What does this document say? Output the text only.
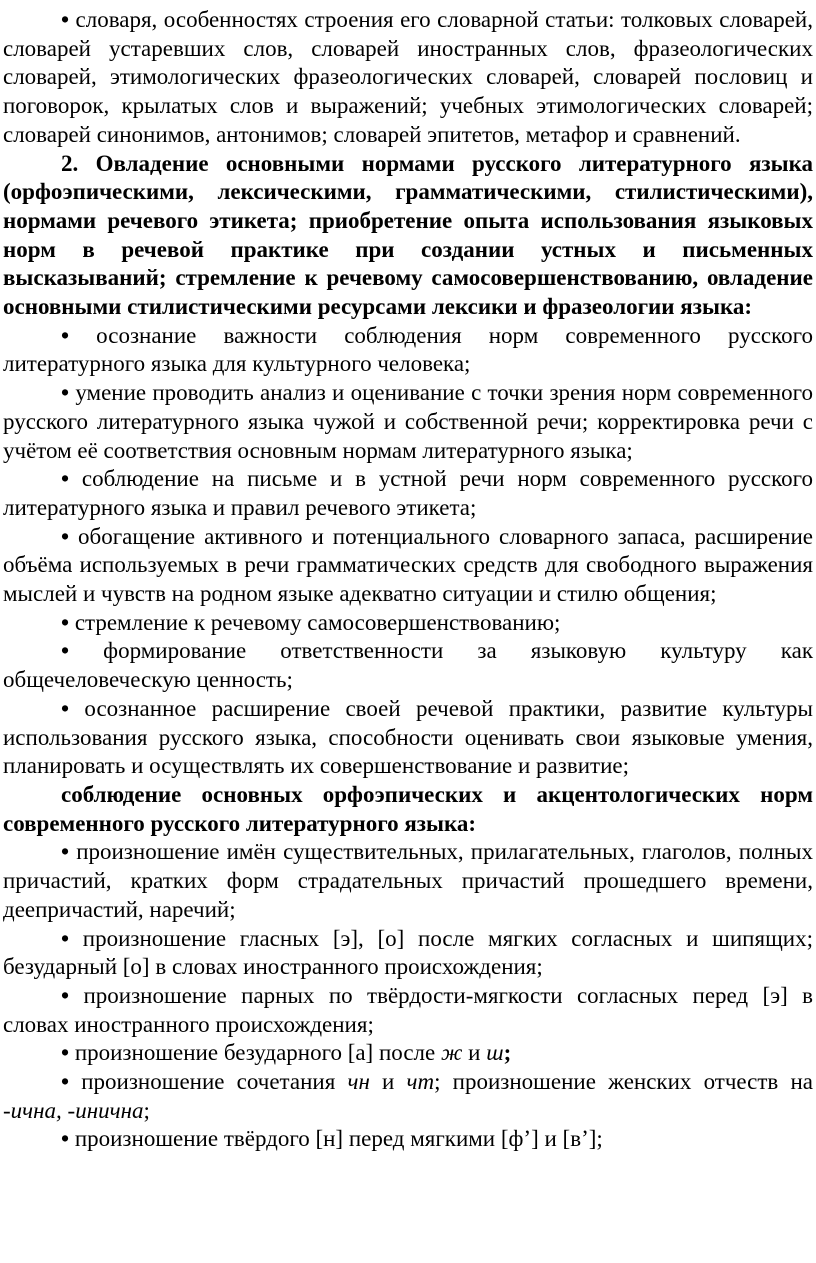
• словаря, особенностях строения его словарной статьи: толковых словарей, словарей устаревших слов, словарей иностранных слов, фразеологических словарей, этимологических фразеологических словарей, словарей пословиц и поговорок, крылатых слов и выражений; учебных этимологических словарей; словарей синонимов, антонимов; словарей эпитетов, метафор и сравнений.

2. Овладение основными нормами русского литературного языка (орфоэпическими, лексическими, грамматическими, стилистическими), нормами речевого этикета; приобретение опыта использования языковых норм в речевой практике при создании устных и письменных высказываний; стремление к речевому самосовершенствованию, овладение основными стилистическими ресурсами лексики и фразеологии языка:

• осознание важности соблюдения норм современного русского литературного языка для культурного человека;

• умение проводить анализ и оценивание с точки зрения норм современного русского литературного языка чужой и собственной речи; корректировка речи с учётом её соответствия основным нормам литературного языка;

• соблюдение на письме и в устной речи норм современного русского литературного языка и правил речевого этикета;

• обогащение активного и потенциального словарного запаса, расширение объёма используемых в речи грамматических средств для свободного выражения мыслей и чувств на родном языке адекватно ситуации и стилю общения;

• стремление к речевому самосовершенствованию;

• формирование ответственности за языковую культуру как общечеловеческую ценность;

• осознанное расширение своей речевой практики, развитие культуры использования русского языка, способности оценивать свои языковые умения, планировать и осуществлять их совершенствование и развитие;

соблюдение основных орфоэпических и акцентологических норм современного русского литературного языка:

• произношение имён существительных, прилагательных, глаголов, полных причастий, кратких форм страдательных причастий прошедшего времени, деепричастий, наречий;

• произношение гласных [э], [о] после мягких согласных и шипящих; безударный [о] в словах иностранного происхождения;

• произношение парных по твёрдости-мягкости согласных перед [э] в словах иностранного происхождения;

• произношение безударного [а] после ж и ш;

• произношение сочетания чн и чт; произношение женских отчеств на -ична, -инична;

• произношение твёрдого [н] перед мягкими [ф’] и [в’];
